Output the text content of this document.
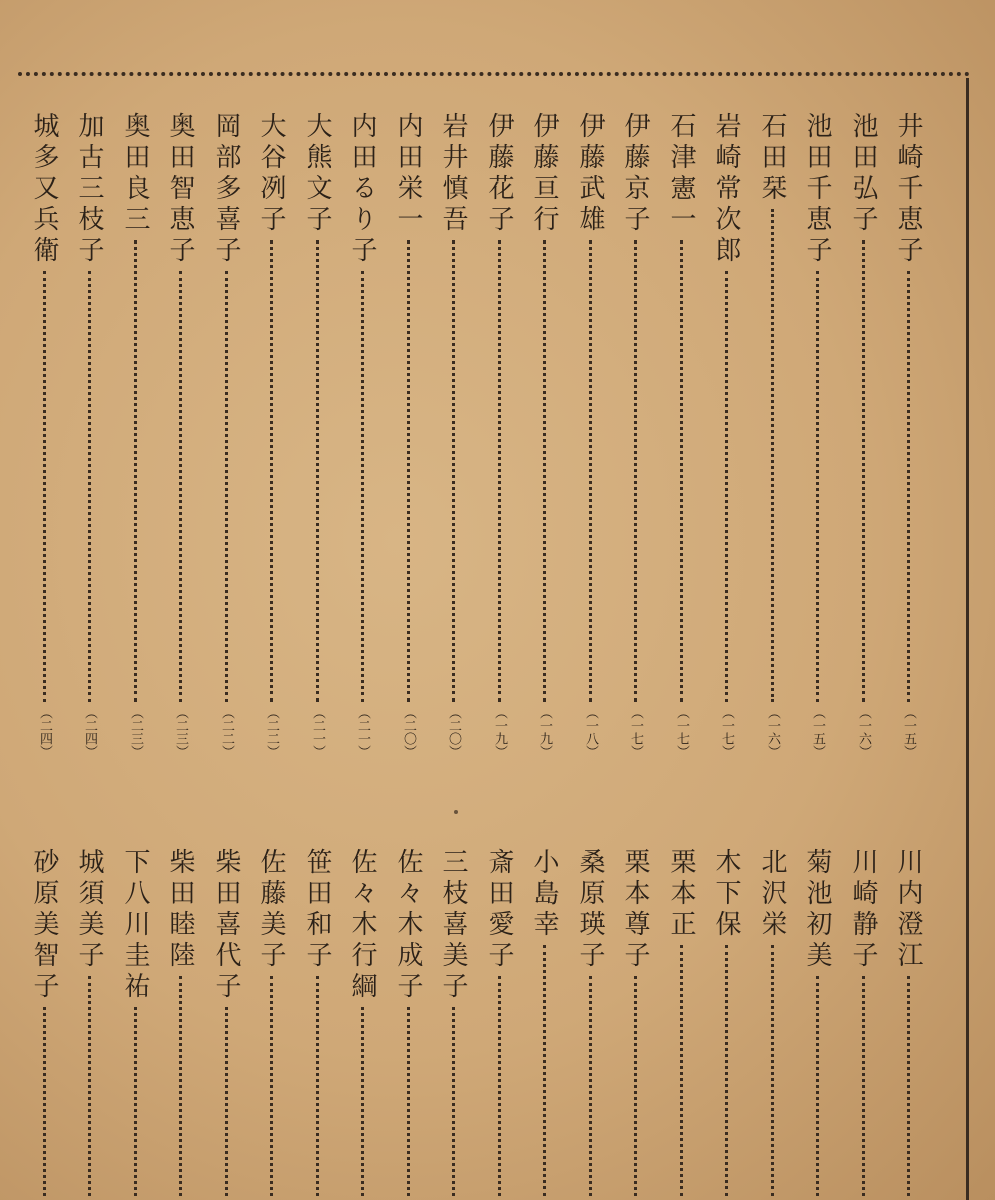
井崎千恵子
（一五）
池田弘子
（一六）
池田千恵子
（一五）
石田栞
（一六）
岩崎常次郎
（一七）
石津憲一
（一七）
伊藤京子
（一七）
伊藤武雄
（一八）
伊藤亘行
（一九）
伊藤花子
（一九）
岩井慎吾
（二〇）
内田栄一
（二〇）
内田るり子
（二一）
大熊文子
（二一）
大谷冽子
（二二）
岡部多喜子
（二二）
奥田智恵子
（二三）
奥田良三
（二三）
加古三枝子
（二四）
城多又兵衛
（二四）
川内澄江
川崎静子
菊池初美
北沢栄
木下保
栗本正
栗本尊子
桑原瑛子
小島幸
斎田愛子
三枝喜美子
佐々木成子
佐々木行綱
笹田和子
佐藤美子
柴田喜代子
柴田睦陸
下八川圭祐
城須美子
砂原美智子
